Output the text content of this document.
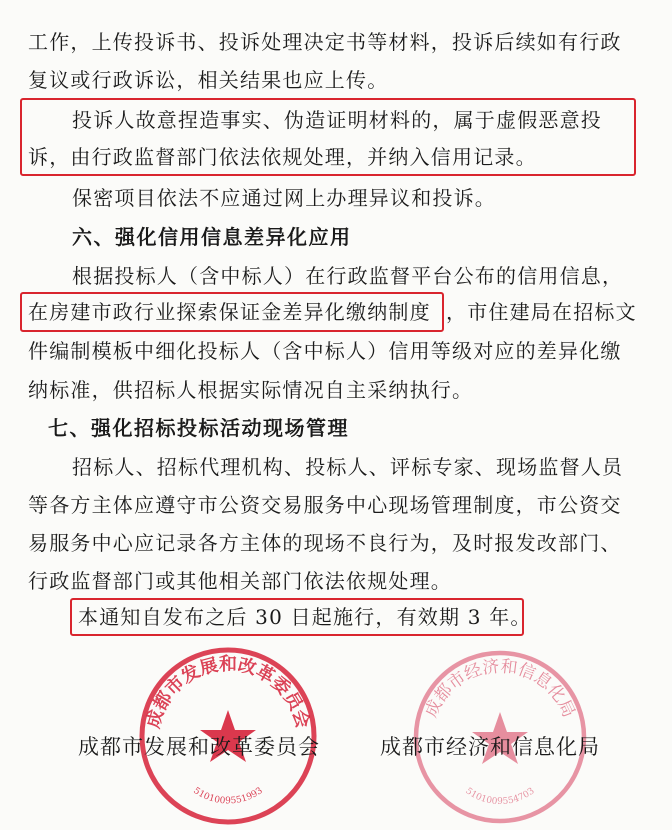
成都市发展和改革委员会
5101009551993
成都市经济和信息化局
5101009554703
工作，上传投诉书、投诉处理决定书等材料，投诉后续如有行政
复议或行政诉讼，相关结果也应上传。
投诉人故意捏造事实、伪造证明材料的，属于虚假恶意投
诉，由行政监督部门依法依规处理，并纳入信用记录。
保密项目依法不应通过网上办理异议和投诉。
六、强化信用信息差异化应用
根据投标人（含中标人）在行政监督平台公布的信用信息，
在房建市政行业探索保证金差异化缴纳制度 ，市住建局在招标文
件编制模板中细化投标人（含中标人）信用等级对应的差异化缴
纳标准，供招标人根据实际情况自主采纳执行。
七、强化招标投标活动现场管理
招标人、招标代理机构、投标人、评标专家、现场监督人员
等各方主体应遵守市公资交易服务中心现场管理制度，市公资交
易服务中心应记录各方主体的现场不良行为，及时报发改部门、
行政监督部门或其他相关部门依法依规处理。
本通知自发布之后 30 日起施行，有效期 3 年。
成都市发展和改革委员会	成都市经济和信息化局
